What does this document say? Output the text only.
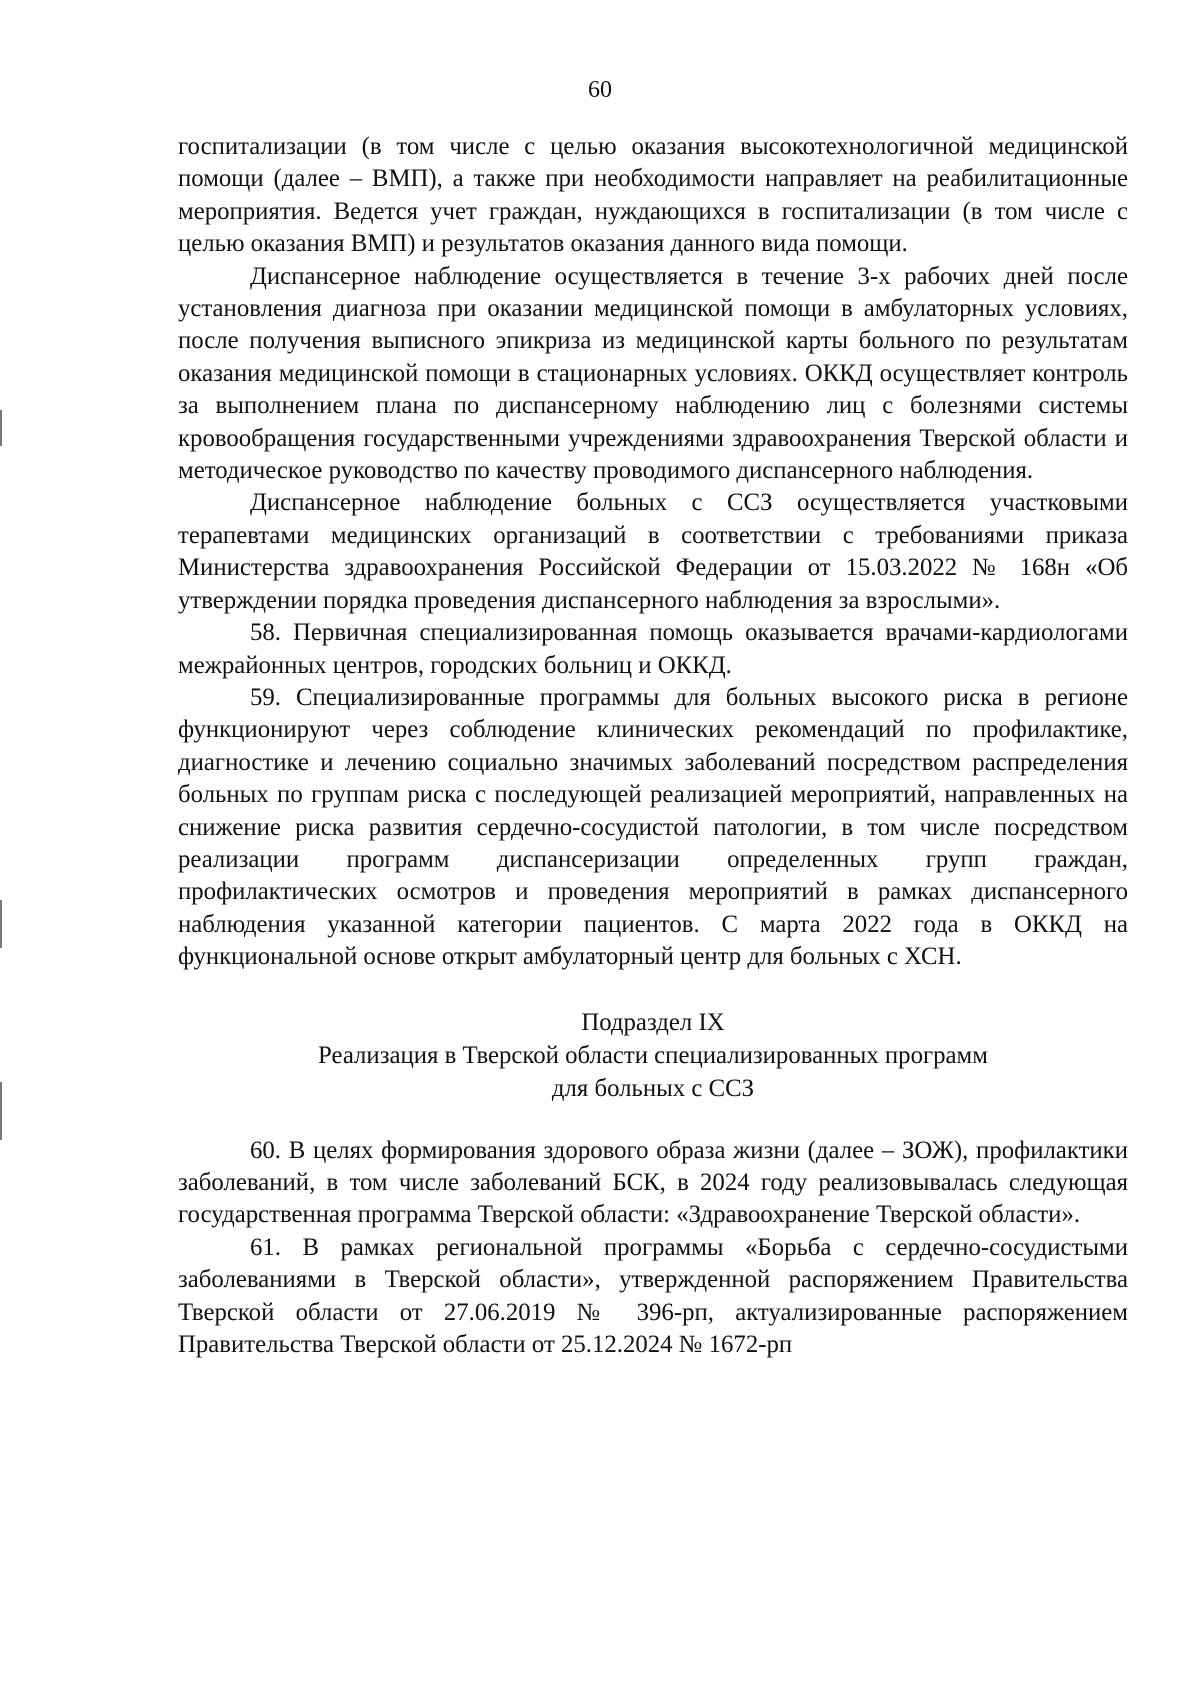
60

госпитализации (в том числе с целью оказания высокотехнологичной медицинской помощи (далее – ВМП), а также при необходимости направляет на реабилитационные мероприятия. Ведется учет граждан, нуждающихся в госпитализации (в том числе с целью оказания ВМП) и результатов оказания данного вида помощи.

Диспансерное наблюдение осуществляется в течение 3-х рабочих дней после установления диагноза при оказании медицинской помощи в амбулаторных условиях, после получения выписного эпикриза из медицинской карты больного по результатам оказания медицинской помощи в стационарных условиях. ОККД осуществляет контроль за выполнением плана по диспансерному наблюдению лиц с болезнями системы кровообращения государственными учреждениями здравоохранения Тверской области и методическое руководство по качеству проводимого диспансерного наблюдения.

Диспансерное наблюдение больных с ССЗ осуществляется участковыми терапевтами медицинских организаций в соответствии с требованиями приказа Министерства здравоохранения Российской Федерации от 15.03.2022 № 168н «Об утверждении порядка проведения диспансерного наблюдения за взрослыми».

58. Первичная специализированная помощь оказывается врачами-кардиологами межрайонных центров, городских больниц и ОККД.

59. Специализированные программы для больных высокого риска в регионе функционируют через соблюдение клинических рекомендаций по профилактике, диагностике и лечению социально значимых заболеваний посредством распределения больных по группам риска с последующей реализацией мероприятий, направленных на снижение риска развития сердечно-сосудистой патологии, в том числе посредством реализации программ диспансеризации определенных групп граждан, профилактических осмотров и проведения мероприятий в рамках диспансерного наблюдения указанной категории пациентов. С марта 2022 года в ОККД на функциональной основе открыт амбулаторный центр для больных с ХСН.

Подраздел IX
Реализация в Тверской области специализированных программ
для больных с ССЗ

60. В целях формирования здорового образа жизни (далее – ЗОЖ), профилактики заболеваний, в том числе заболеваний БСК, в 2024 году реализовывалась следующая государственная программа Тверской области: «Здравоохранение Тверской области».

61. В рамках региональной программы «Борьба с сердечно-сосудистыми заболеваниями в Тверской области», утвержденной распоряжением Правительства Тверской области от 27.06.2019 № 396-рп, актуализированные распоряжением Правительства Тверской области от 25.12.2024 № 1672-рп
